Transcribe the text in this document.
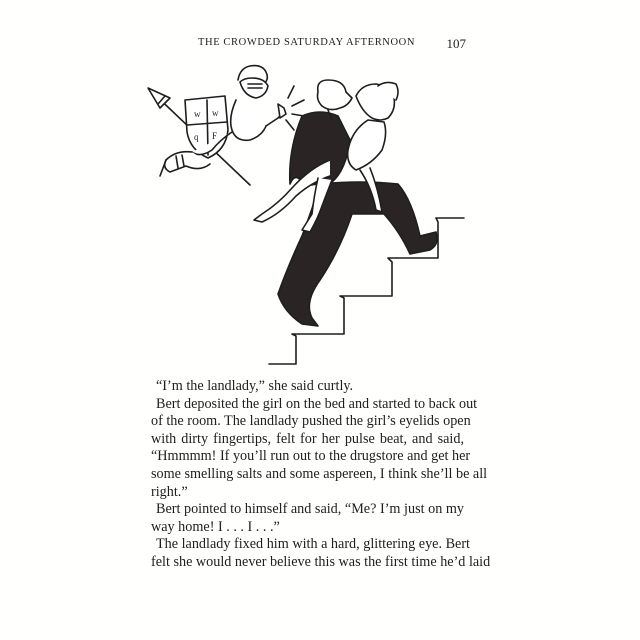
THE CROWDED SATURDAY AFTERNOON 107
w w
q F
“I’m the landlady,” she said curtly.
Bert deposited the girl on the bed and started to back out
of the room. The landlady pushed the girl’s eyelids open
with dirty fingertips, felt for her pulse beat, and said,
“Hmmmm! If you’ll run out to the drugstore and get her
some smelling salts and some aspereen, I think she’ll be all
right.”
Bert pointed to himself and said, “Me? I’m just on my
way home! I . . . I . . .”
The landlady fixed him with a hard, glittering eye. Bert
felt she would never believe this was the first time he’d laid
